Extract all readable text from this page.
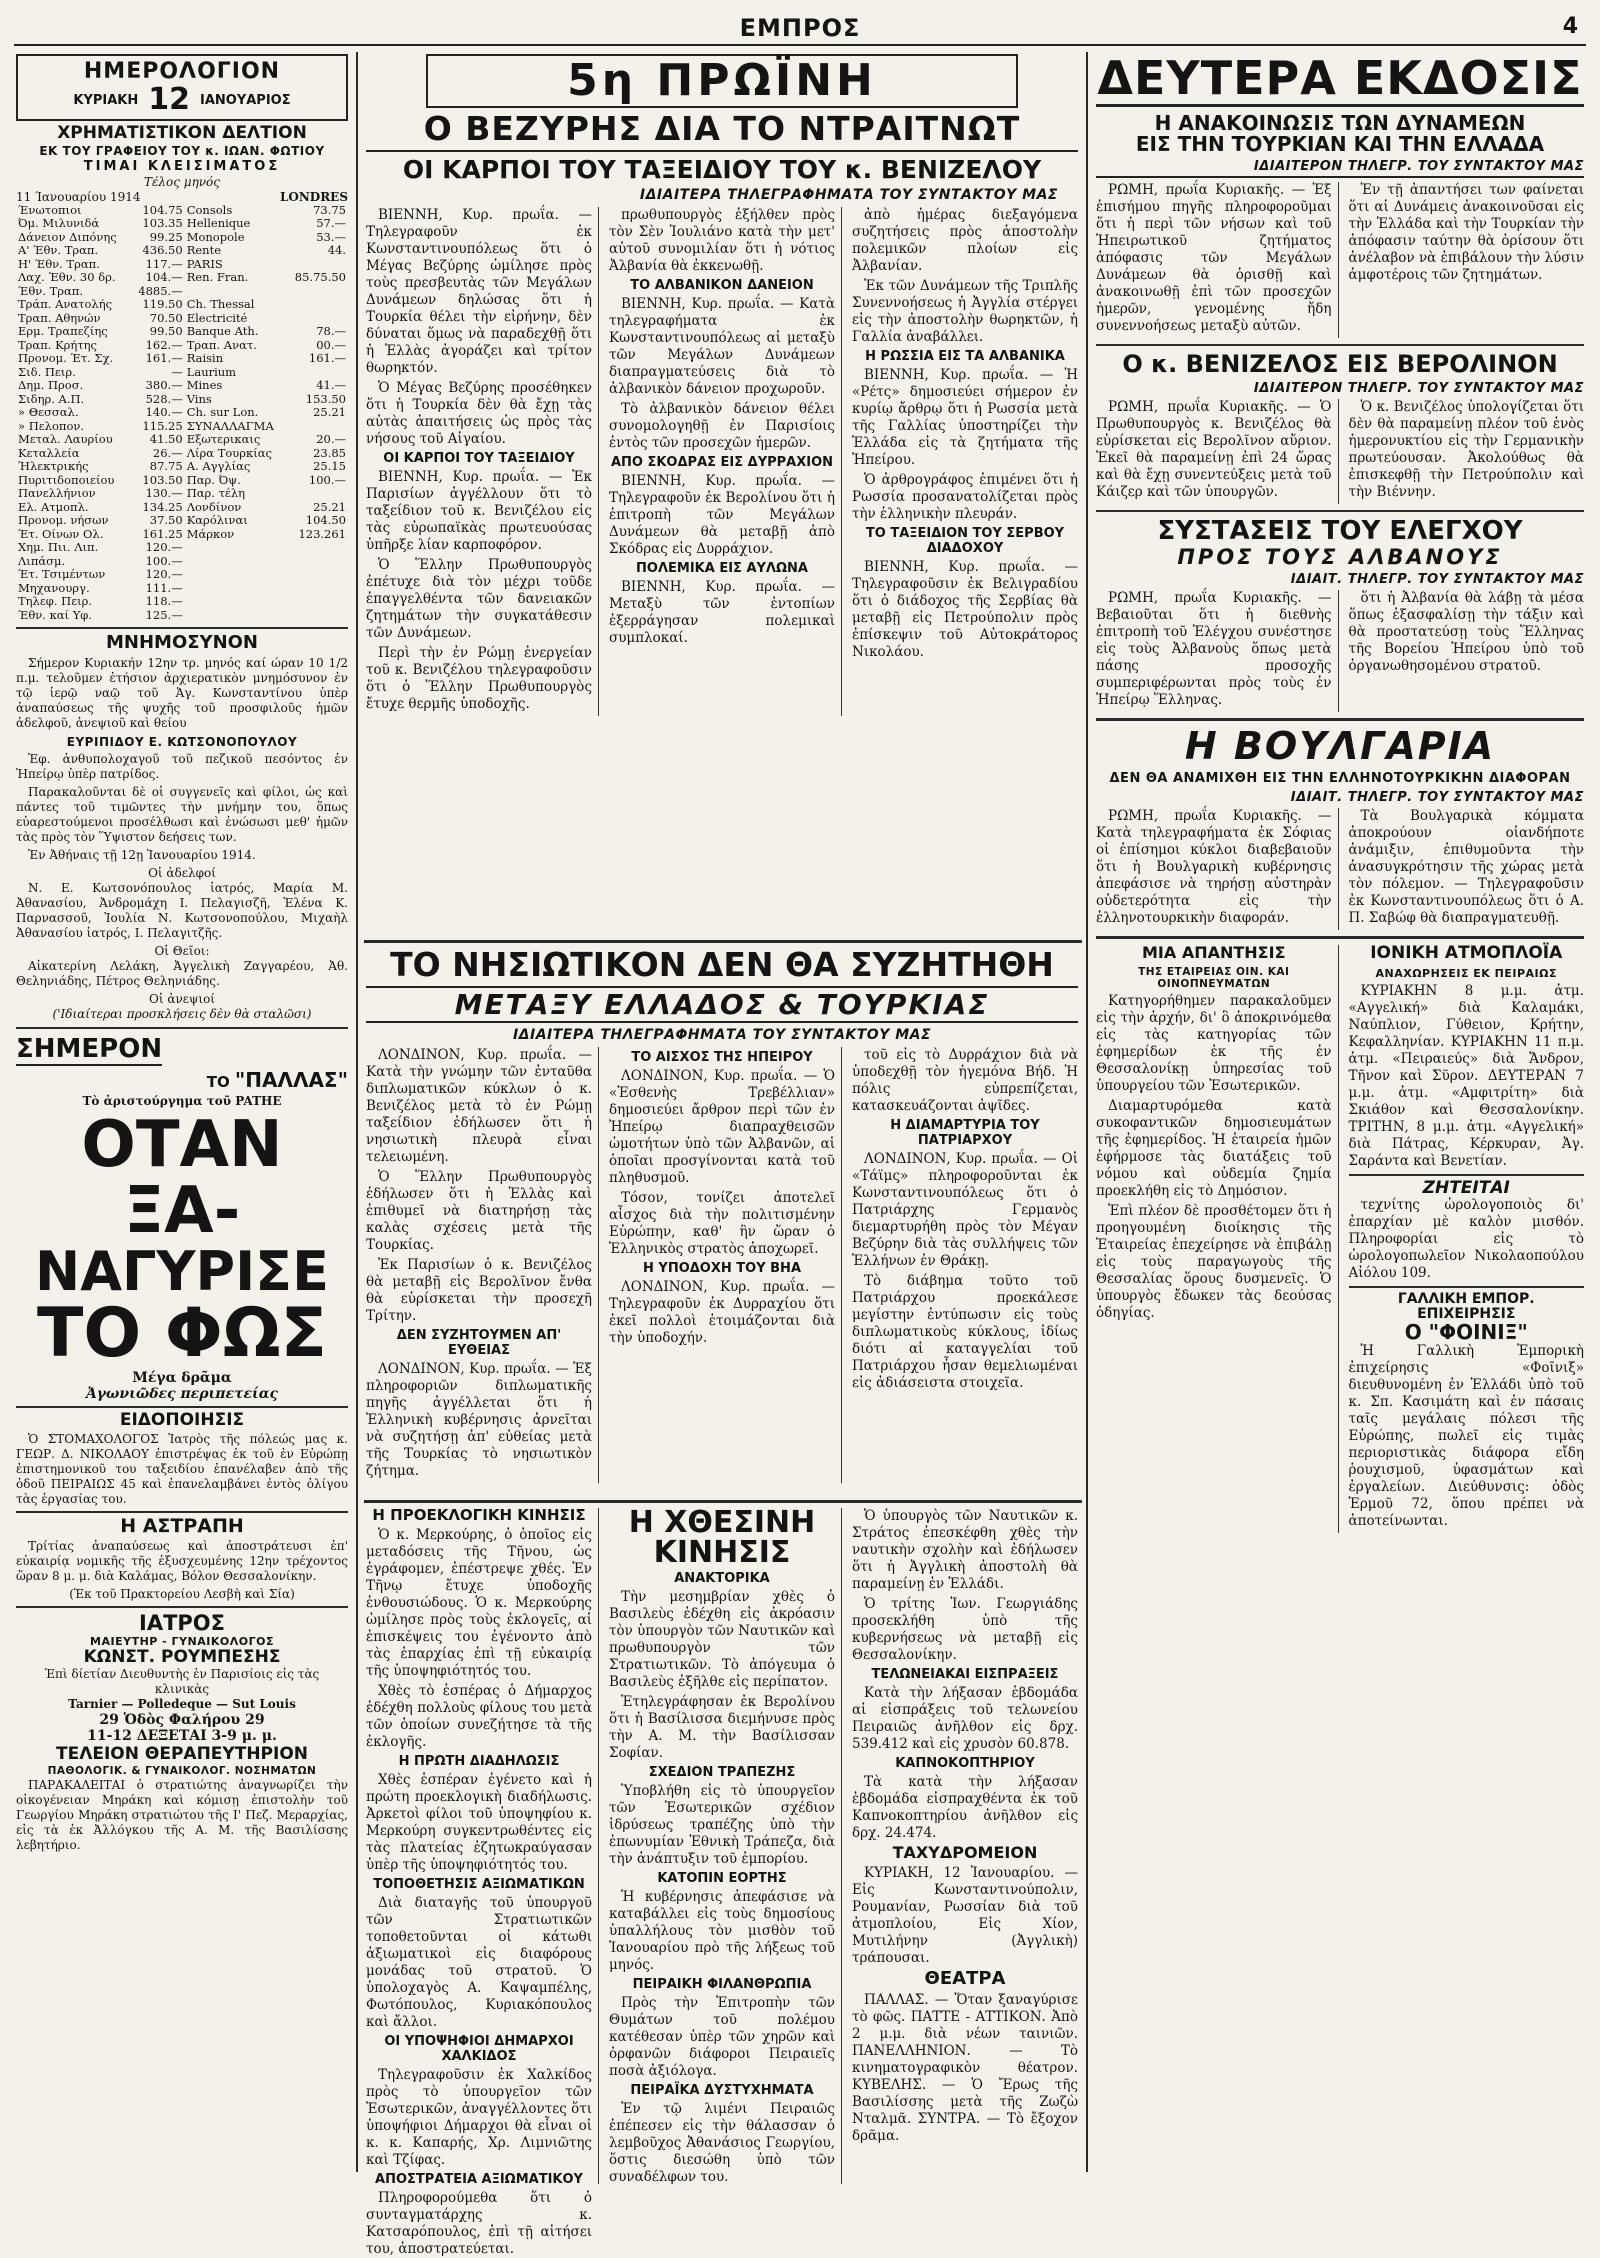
ΕΜΠΡΟΣ	4
ΗΜΕΡΟΛΟΓΙΟΝ
ΚΥΡΙΑΚΗ 12 ΙΑΝΟΥΑΡΙΟΣ
ΧΡΗΜΑΤΙΣΤΙΚΟΝ ΔΕΛΤΙΟΝ
ΕΚ ΤΟΥ ΓΡΑΦΕΙΟΥ ΤΟΥ κ. ΙΩΑΝ. ΦΩΤΙΟΥ
ΤΙΜΑΙ ΚΛΕΙΣΙΜΑΤΟΣ
Τέλος μηνός
11 Ίανουαρίου 1914	LONDRES
Ένωτοπιοι	104.75	Consols	73.75
Όμ. Μιλυνιδά	103.35	Hellenique	57.—
Δάνειον Διπόνης	99.25	Monopole	53.—
Α' Έθν. Τραπ.	436.50	Rente	44.
Η' Έθν. Τραπ.	117.—	PARIS	
Λαχ. Έθν. 30 δρ.	104.—	Ren. Fran.	85.75.50
Έθν. Τραπ.	4885.—		
Τράπ. Ανατολής	119.50	Ch. Thessal	
Τραπ. Αθηνών	70.50	Electricité	
Ερμ. Τραπεζίης	99.50	Banque Ath.	78.—
Τραπ. Κρήτης	162.—	Τραπ. Ανατ.	00.—
Προνομ. Έτ. Σχ.	161.—	Raisin	161.—
Σιδ. Πειρ.	—	Laurium	
Δημ. Προσ.	380.—	Mines	41.—
Σιδηρ. Α.Π.	528.—	Vins	153.50
» Θεσσαλ.	140.—	Ch. sur Lon.	25.21
» Πελοπον.	115.25	ΣΥΝΑΛΛΑΓΜΑ	
Μεταλ. Λαυρίου	41.50	Εξωτερικαις	20.—
Κεταλλεία	26.—	Λίρα Τουρκίας	23.85
Ήλεκτρικής	87.75	Α. Αγγλίας	25.15
Πυριτιδοποιείου	103.50	Παρ. Όψ.	100.—
Πανελλήνιον	130.—	Παρ. τέλη	
Ελ. Ατμοπλ.	134.25	Λονδίνον	25.21
Προνομ. νήσων	37.50	Καρόλιναι	104.50
Έτ. Οίνων Ολ.	161.25	Μάρκον	123.261
Χημ. Πιι. Λιπ.	120.—		
Λιπάσμ.	100.—		
Έτ. Τσιμέντων	120.—		
Μηχανουργ.	111.—		
Τηλεφ. Πειρ.	118.—		
Έθν. καί Υφ.	125.—		
ΜΝΗΜΟΣΥΝΟΝ

Σήμερον Κυριακήν 12ην τρ. μηνός καί ώραν 10 1/2 π.μ. τελοῦμεν ἐτήσιον ἀρχιερατικὸν μνημόσυνον ἐν τῷ ἱερῷ ναῷ τοῦ Ἁγ. Κωνσταντίνου ὑπὲρ ἀναπαύσεως τῆς ψυχῆς τοῦ προσφιλοῦς ἡμῶν ἀδελφοῦ, ἀνεψιοῦ καὶ θείου

ΕΥΡΙΠΙΔΟΥ Ε. ΚΩΤΣΟΝΟΠΟΥΛΟΥ

Ἐφ. ἀνθυπολοχαγοῦ τοῦ πεζικοῦ πεσόντος ἐν Ἠπείρῳ ὑπὲρ πατρίδος.

Παρακαλοῦνται δὲ οἱ συγγενεῖς καὶ φίλοι, ὡς καὶ πάντες τοῦ τιμῶντες τὴν μνήμην του, ὅπως εὐαρεστούμενοι προσέλθωσι καὶ ἑνώσωσι μεθ' ἡμῶν τὰς πρὸς τὸν Ὕψιστον δεήσεις των.

Ἐν Ἀθήναις τῇ 12ῃ Ἰανουαρίου 1914.

Οἱ ἀδελφοί

Ν. Ε. Κωτσονόπουλος ἰατρός, Μαρία Μ. Ἀθανασίου, Ἀνδρομάχη Ι. Πελαγισζῆ, Ἐλένα Κ. Παρνασσοῦ, Ἰουλία Ν. Κωτσονοπούλου, Μιχαὴλ Ἀθανασίου ἰατρός, Ι. Πελαγιτζῆς.

Οἱ Θεῖοι:

Αἰκατερίνη Λελάκη, Ἀγγελικὴ Ζαγγαρέου, Ἀθ. Θεληνιάδης, Πέτρος Θεληνιάδης.

Οἱ ἀνεψιοί
('Ιδιαίτεραι προσκλήσεις δὲν θὰ σταλῶσι)
ΣΗΜΕΡΟΝ
ΤΟ "ΠΑΛΛΑΣ"
Τὸ ἀριστούργημα τοῦ PATHE
ΟΤΑΝ ΞΑ-
ΝΑΓΥΡΙΣΕ
ΤΟ ΦΩΣ
Μέγα δρᾶμα
Ἀγωνιῶδες περιπετείας
ΕΙΔΟΠΟΙΗΣΙΣ

Ὁ ΣΤΟΜΑΧΟΛΟΓΟΣ Ἰατρὸς τῆς πόλεώς μας κ. ΓΕΩΡ. Δ. ΝΙΚΟΛΑΟΥ ἐπιστρέψας ἐκ τοῦ ἐν Εὐρώπῃ ἐπιστημονικοῦ του ταξειδίου ἐπανέλαβεν ἀπὸ τῆς ὁδοῦ ΠΕΙΡΑΙΩΣ 45 καὶ ἐπανελαμβάνει ἐντὸς ὀλίγου τὰς ἐργασίας του.

Η ΑΣΤΡΑΠΗ

Τρίτίας ἀναπαύσεως καὶ ἀποστράτευσι ἐπ' εὐκαιρίᾳ νομικῆς τῆς ἐξυσχευμένης 12ην τρέχοντος ὥραν 8 μ. μ. διὰ Καλάμας, Βόλον Θεσσαλονίκην.

(Ἐκ τοῦ Πρακτορείου Λεσβὴ καὶ Σία)
ΙΑΤΡΟΣ
ΜΑΙΕΥΤΗΡ - ΓΥΝΑΙΚΟΛΟΓΟΣ
ΚΩΝΣΤ. ΡΟΥΜΠΕΣΗΣ
Ἐπὶ δίετίαν Διευθυντὴς ἐν Παρισίοις εἰς τὰς κλινικὰς
Tarnier — Polledeque — Sut Louis
29 Ὁδὸς Φαλήρου 29
11-12 ΔΕΞΕΤΑΙ 3-9 μ. μ.
ΤΕΛΕΙΟΝ ΘΕΡΑΠΕΥΤΗΡΙΟΝ
ΠΑΘΟΛΟΓΙΚ. & ΓΥΝΑΙΚΟΛΟΓ. ΝΟΣΗΜΑΤΩΝ

ΠΑΡΑΚΑΛΕΙΤΑΙ ὁ στρατιώτης ἀναγνωρίζει τὴν οἰκογένειαν Μηράκη καὶ κόμισῃ ἐπιστολὴν τοῦ Γεωργίου Μηράκη στρατιώτου τῆς Ι' Πεζ. Μεραρχίας, εἰς τὰ ἐκ Ἀλλόγκου τῆς Α. Μ. τῆς Βασιλίσσης λεβητήριο.

5η ΠΡΩΪΝΗ
Ο ΒΕΖΥΡΗΣ ΔΙΑ ΤΟ ΝΤΡΑΙΤΝΩΤ
ΟΙ ΚΑΡΠΟΙ ΤΟΥ ΤΑΞΕΙΔΙΟΥ ΤΟΥ κ. ΒΕΝΙΖΕΛΟΥ
ΙΔΙΑΙΤΕΡΑ ΤΗΛΕΓΡΑΦΗΜΑΤΑ ΤΟΥ ΣΥΝΤΑΚΤΟΥ ΜΑΣ

ΒΙΕΝΝΗ, Κυρ. πρωΐα. — Τηλεγραφοῦν ἐκ Κωνσταντινουπόλεως ὅτι ὁ Μέγας Βεζύρης ὡμίλησε πρὸς τοὺς πρεσβευτὰς τῶν Μεγάλων Δυνάμεων δηλώσας ὅτι ἡ Τουρκία θέλει τὴν εἰρήνην, δὲν δύναται ὅμως νὰ παραδεχθῇ ὅτι ἡ Ἑλλὰς ἀγοράζει καὶ τρίτον θωρηκτόν.

Ὁ Μέγας Βεζύρης προσέθηκεν ὅτι ἡ Τουρκία δὲν θὰ ἔχῃ τὰς αὐτὰς ἀπαιτήσεις ὡς πρὸς τὰς νήσους τοῦ Αἰγαίου.

ΟΙ ΚΑΡΠΟΙ ΤΟΥ ΤΑΞΕΙΔΙΟΥ

ΒΙΕΝΝΗ, Κυρ. πρωΐα. — Ἐκ Παρισίων ἀγγέλλουν ὅτι τὸ ταξείδιον τοῦ κ. Βενιζέλου εἰς τὰς εὐρωπαϊκὰς πρωτευούσας ὑπῆρξε λίαν καρποφόρον.

Ὁ Ἕλλην Πρωθυπουργὸς ἐπέτυχε διὰ τὸν μέχρι τοῦδε ἐπαγγελθέντα τῶν δανειακῶν ζητημάτων τὴν συγκατάθεσιν τῶν Δυνάμεων.

Περὶ τὴν ἐν Ρώμῃ ἐνεργείαν τοῦ κ. Βενιζέλου τηλεγραφοῦσιν ὅτι ὁ Ἕλλην Πρωθυπουργὸς ἔτυχε θερμῆς ὑποδοχῆς.

πρωθυπουργὸς ἐξήλθεν πρὸς τὸν Σὲν Ἰουλιάνο κατὰ τὴν μετ' αὐτοῦ συνομιλίαν ὅτι ἡ νότιος Ἀλβανία θὰ ἐκκενωθῇ.

ΤΟ ΑΛΒΑΝΙΚΟΝ ΔΑΝΕΙΟΝ

ΒΙΕΝΝΗ, Κυρ. πρωΐα. — Κατὰ τηλεγραφήματα ἐκ Κωνσταντινουπόλεως αἱ μεταξὺ τῶν Μεγάλων Δυνάμεων διαπραγματεύσεις διὰ τὸ ἀλβανικὸν δάνειον προχωροῦν.

Τὸ ἀλβανικὸν δάνειον θέλει συνομολογηθῇ ἐν Παρισίοις ἐντὸς τῶν προσεχῶν ἡμερῶν.

ΑΠΟ ΣΚΟΔΡΑΣ ΕΙΣ ΔΥΡΡΑΧΙΟΝ

ΒΙΕΝΝΗ, Κυρ. πρωΐα. — Τηλεγραφοῦν ἐκ Βερολίνου ὅτι ἡ ἐπιτροπὴ τῶν Μεγάλων Δυνάμεων θὰ μεταβῇ ἀπὸ Σκόδρας εἰς Δυρράχιον.

ΠΟΛΕΜΙΚΑ ΕΙΣ ΑΥΛΩΝΑ

ΒΙΕΝΝΗ, Κυρ. πρωΐα. — Μεταξὺ τῶν ἐντοπίων ἐξερράγησαν πολεμικαὶ συμπλοκαί.

ἀπὸ ἡμέρας διεξαγόμενα συζητήσεις πρὸς ἀποστολὴν πολεμικῶν πλοίων εἰς Ἀλβανίαν.

Ἐκ τῶν Δυνάμεων τῆς Τριπλῆς Συνεννοήσεως ἡ Ἀγγλία στέργει εἰς τὴν ἀποστολὴν θωρηκτῶν, ἡ Γαλλία ἀναβάλλει.

Η ΡΩΣΣΙΑ ΕΙΣ ΤΑ ΑΛΒΑΝΙΚΑ

ΒΙΕΝΝΗ, Κυρ. πρωΐα. — Ἡ «Ρέτς» δημοσιεύει σήμερον ἐν κυρίῳ ἄρθρῳ ὅτι ἡ Ρωσσία μετὰ τῆς Γαλλίας ὑποστηρίζει τὴν Ἑλλάδα εἰς τὰ ζητήματα τῆς Ἠπείρου.

Ὁ ἀρθρογράφος ἐπιμένει ὅτι ἡ Ρωσσία προσανατολίζεται πρὸς τὴν ἑλληνικὴν πλευράν.

ΤΟ ΤΑΞΕΙΔΙΟΝ ΤΟΥ ΣΕΡΒΟΥ ΔΙΑΔΟΧΟΥ

ΒΙΕΝΝΗ, Κυρ. πρωΐα. — Τηλεγραφοῦσιν ἐκ Βελιγραδίου ὅτι ὁ διάδοχος τῆς Σερβίας θὰ μεταβῇ εἰς Πετρούπολιν πρὸς ἐπίσκεψιν τοῦ Αὐτοκράτορος Νικολάου.

ΤΟ ΝΗΣΙΩΤΙΚΟΝ ΔΕΝ ΘΑ ΣΥΖΗΤΗΘΗ
ΜΕΤΑΞΥ ΕΛΛΑΔΟΣ & ΤΟΥΡΚΙΑΣ
ΙΔΙΑΙΤΕΡΑ ΤΗΛΕΓΡΑΦΗΜΑΤΑ ΤΟΥ ΣΥΝΤΑΚΤΟΥ ΜΑΣ

ΛΟΝΔΙΝΟΝ, Κυρ. πρωΐα. — Κατὰ τὴν γνώμην τῶν ἐνταῦθα διπλωματικῶν κύκλων ὁ κ. Βενιζέλος μετὰ τὸ ἐν Ρώμῃ ταξείδιον ἐδήλωσεν ὅτι ἡ νησιωτικὴ πλευρὰ εἶναι τελειωμένη.

Ὁ Ἕλλην Πρωθυπουργὸς ἐδήλωσεν ὅτι ἡ Ἑλλὰς καὶ ἐπιθυμεῖ νὰ διατηρήσῃ τὰς καλὰς σχέσεις μετὰ τῆς Τουρκίας.

Ἐκ Παρισίων ὁ κ. Βενιζέλος θὰ μεταβῇ εἰς Βερολῖνον ἔνθα θὰ εὑρίσκεται τὴν προσεχῆ Τρίτην.

ΔΕΝ ΣΥΖΗΤΟΥΜΕΝ ΑΠ' ΕΥΘΕΙΑΣ

ΛΟΝΔΙΝΟΝ, Κυρ. πρωΐα. — Ἐξ πληροφοριῶν διπλωματικῆς πηγῆς ἀγγέλλεται ὅτι ἡ Ἑλληνικὴ κυβέρνησις ἀρνεῖται νὰ συζητήσῃ ἀπ' εὐθείας μετὰ τῆς Τουρκίας τὸ νησιωτικὸν ζήτημα.

ΤΟ ΑΙΣΧΟΣ ΤΗΣ ΗΠΕΙΡΟΥ

ΛΟΝΔΙΝΟΝ, Κυρ. πρωΐα. — Ὁ «Ἐσθενὴς Τρεβέλλιαν» δημοσιεύει ἄρθρον περὶ τῶν ἐν Ἠπείρῳ διαπραχθεισῶν ὠμοτήτων ὑπὸ τῶν Ἀλβανῶν, αἱ ὁποῖαι προσγίνονται κατὰ τοῦ πληθυσμοῦ.

Τόσον, τονίζει ἀποτελεῖ αἶσχος διὰ τὴν πολιτισμένην Εὐρώπην, καθ' ἣν ὥραν ὁ Ἑλληνικὸς στρατὸς ἀποχωρεῖ.

Η ΥΠΟΔΟΧΗ ΤΟΥ ΒΗΑ

ΛΟΝΔΙΝΟΝ, Κυρ. πρωΐα. — Τηλεγραφοῦν ἐκ Δυρραχίου ὅτι ἐκεῖ πολλοὶ ἑτοιμάζονται διὰ τὴν ὑποδοχήν.

τοῦ εἰς τὸ Δυρράχιον διὰ νὰ ὑποδεχθῇ τὸν ἡγεμόνα Βήδ. Ἡ πόλις εὐπρεπίζεται, κατασκευάζονται ἁψῖδες.

Η ΔΙΑΜΑΡΤΥΡΙΑ ΤΟΥ ΠΑΤΡΙΑΡΧΟΥ

ΛΟΝΔΙΝΟΝ, Κυρ. πρωΐα. — Οἱ «Τάϊμς» πληροφοροῦνται ἐκ Κωνσταντινουπόλεως ὅτι ὁ Πατριάρχης Γερμανὸς διεμαρτυρήθη πρὸς τὸν Μέγαν Βεζύρην διὰ τὰς συλλήψεις τῶν Ἑλλήνων ἐν Θράκῃ.

Τὸ διάβημα τοῦτο τοῦ Πατριάρχου προεκάλεσε μεγίστην ἐντύπωσιν εἰς τοὺς διπλωματικοὺς κύκλους, ἰδίως διότι αἱ καταγγελίαι τοῦ Πατριάρχου ἦσαν θεμελιωμέναι εἰς ἀδιάσειστα στοιχεῖα.

Η ΠΡΟΕΚΛΟΓΙΚΗ ΚΙΝΗΣΙΣ

Ὁ κ. Μερκούρης, ὁ ὁποῖος εἰς μεταδόσεις τῆς Τῆνου, ὡς ἐγράφομεν, ἐπέστρεψε χθές. Ἐν Τῆνῳ ἔτυχε ὑποδοχῆς ἐνθουσιώδους. Ὁ κ. Μερκούρης ὡμίλησε πρὸς τοὺς ἐκλογεῖς, αἱ ἐπισκέψεις του ἐγένοντο ἀπὸ τὰς ἐπαρχίας ἐπὶ τῇ εὐκαιρίᾳ τῆς ὑποψηφιότητός του.

Χθὲς τὸ ἑσπέρας ὁ Δήμαρχος ἐδέχθη πολλοὺς φίλους του μετὰ τῶν ὁποίων συνεζήτησε τὰ τῆς ἐκλογῆς.

Η ΠΡΩΤΗ ΔΙΑΔΗΛΩΣΙΣ

Χθὲς ἑσπέραν ἐγένετο καὶ ἡ πρώτη προεκλογικὴ διαδήλωσις. Ἀρκετοὶ φίλοι τοῦ ὑποψηφίου κ. Μερκούρη συγκεντρωθέντες εἰς τὰς πλατείας ἐζητωκραύγασαν ὑπὲρ τῆς ὑποψηφιότητός του.

ΤΟΠΟΘΕΤΗΣΙΣ ΑΞΙΩΜΑΤΙΚΩΝ

Διὰ διαταγῆς τοῦ ὑπουργοῦ τῶν Στρατιωτικῶν τοποθετοῦνται οἱ κάτωθι ἀξιωματικοὶ εἰς διαφόρους μονάδας τοῦ στρατοῦ. Ὁ ὑπολοχαγὸς Α. Καψαμπέλης, Φωτόπουλος, Κυριακόπουλος καὶ ἄλλοι.

ΟΙ ΥΠΟΨΗΦΙΟΙ ΔΗΜΑΡΧΟΙ ΧΑΛΚΙΔΟΣ

Τηλεγραφοῦσιν ἐκ Χαλκίδος πρὸς τὸ ὑπουργεῖον τῶν Ἐσωτερικῶν, ἀναγγέλλοντες ὅτι ὑποψήφιοι Δήμαρχοι θὰ εἶναι οἱ κ. κ. Καπαρής, Χρ. Λιμνιῶτης καὶ Τζίφας.

ΑΠΟΣΤΡΑΤΕΙΑ ΑΞΙΩΜΑΤΙΚΟΥ

Πληροφορούμεθα ὅτι ὁ συνταγματάρχης κ. Κατσαρόπουλος, ἐπὶ τῇ αἰτήσει του, ἀποστρατεύεται.

Η ΧΘΕΣΙΝΗ ΚΙΝΗΣΙΣ
ΑΝΑΚΤΟΡΙΚΑ

Τὴν μεσημβρίαν χθὲς ὁ Βασιλεὺς ἐδέχθη εἰς ἀκρόασιν τὸν ὑπουργὸν τῶν Ναυτικῶν καὶ πρωθυπουργὸν τῶν Στρατιωτικῶν. Τὸ ἀπόγευμα ὁ Βασιλεὺς ἐξῆλθε εἰς περίπατον.

Ἐτηλεγράφησαν ἐκ Βερολίνου ὅτι ἡ Βασίλισσα διεμήνυσε πρὸς τὴν Α. Μ. τὴν Βασίλισσαν Σοφίαν.

ΣΧΕΔΙΟΝ ΤΡΑΠΕΖΗΣ

Ὑποβλήθη εἰς τὸ ὑπουργεῖον τῶν Ἐσωτερικῶν σχέδιον ἱδρύσεως τραπέζης ὑπὸ τὴν ἐπωνυμίαν Ἐθνικὴ Τράπεζα, διὰ τὴν ἀνάπτυξιν τοῦ ἐμπορίου.

ΚΑΤΟΠΙΝ ΕΟΡΤΗΣ

Ἡ κυβέρνησις ἀπεφάσισε νὰ καταβάλλει εἰς τοὺς δημοσίους ὑπαλλήλους τὸν μισθὸν τοῦ Ἰανουαρίου πρὸ τῆς λήξεως τοῦ μηνός.

ΠΕΙΡΑΙΚΗ ΦΙΛΑΝΘΡΩΠΙΑ

Πρὸς τὴν Ἐπιτροπὴν τῶν Θυμάτων τοῦ πολέμου κατέθεσαν ὑπὲρ τῶν χηρῶν καὶ ὀρφανῶν διάφοροι Πειραιεῖς ποσὰ ἀξιόλογα.

ΠΕΙΡΑΪΚΑ ΔΥΣΤΥΧΗΜΑΤΑ

Ἐν τῷ λιμένι Πειραιῶς ἐπέπεσεν εἰς τὴν θάλασσαν ὁ λεμβοῦχος Ἀθανάσιος Γεωργίου, ὅστις διεσώθη ὑπὸ τῶν συναδέλφων του.

Ὁ ὑπουργὸς τῶν Ναυτικῶν κ. Στράτος ἐπεσκέφθη χθὲς τὴν ναυτικὴν σχολὴν καὶ ἐδήλωσεν ὅτι ἡ Ἀγγλικὴ ἀποστολὴ θὰ παραμείνῃ ἐν Ἑλλάδι.

Ὁ τρίτης Ἰων. Γεωργιάδης προσεκλήθη ὑπὸ τῆς κυβερνήσεως νὰ μεταβῇ εἰς Θεσσαλονίκην.

ΤΕΛΩΝΕΙΑΚΑΙ ΕΙΣΠΡΑΞΕΙΣ

Κατὰ τὴν λήξασαν ἑβδομάδα αἱ εἰσπράξεις τοῦ τελωνείου Πειραιῶς ἀνῆλθον εἰς δρχ. 539.412 καὶ εἰς χρυσὸν 60.878.

ΚΑΠΝΟΚΟΠΤΗΡΙΟΥ

Τὰ κατὰ τὴν λήξασαν ἑβδομάδα εἰσπραχθέντα ἐκ τοῦ Καπνοκοπτηρίου ἀνῆλθον εἰς δρχ. 24.474.

ΤΑΧΥΔΡΟΜΕΙΟΝ

ΚΥΡΙΑΚΗ, 12 Ἰανουαρίου. — Εἰς Κωνσταντινούπολιν, Ρουμανίαν, Ρωσσίαν διὰ τοῦ ἀτμοπλοίου, Εἰς Χίον, Μυτιλήνην (Ἀγγλικὴ) τράπουσαι.

ΘΕΑΤΡΑ

ΠΑΛΛΑΣ. — Ὅταν ξαναγύρισε τὸ φῶς. ΠΑΤΤΕ - ΑΤΤΙΚΟΝ. Ἀπὸ 2 μ.μ. διὰ νέων ταινιῶν. ΠΑΝΕΛΛΗΝΙΟΝ. — Τὸ κινηματογραφικὸν θέατρον. ΚΥΒΕΛΗΣ. — Ὁ Ἔρως τῆς Βασιλίσσης μετὰ τῆς Ζωζὼ Νταλμᾶ. ΣΥΝΤΡΑ. — Τὸ ἔξοχον δρᾶμα.

ΔΕΥΤΕΡΑ ΕΚΔΟΣΙΣ
Η ΑΝΑΚΟΙΝΩΣΙΣ ΤΩΝ ΔΥΝΑΜΕΩΝ
ΕΙΣ ΤΗΝ ΤΟΥΡΚΙΑΝ ΚΑΙ ΤΗΝ ΕΛΛΑΔΑ
ΙΔΙΑΙΤΕΡΟΝ ΤΗΛΕΓΡ. ΤΟΥ ΣΥΝΤΑΚΤΟΥ ΜΑΣ

ΡΩΜΗ, πρωΐα Κυριακῆς. — Ἐξ ἐπισήμου πηγῆς πληροφοροῦμαι ὅτι ἡ περὶ τῶν νήσων καὶ τοῦ Ἠπειρωτικοῦ ζητήματος ἀπόφασις τῶν Μεγάλων Δυνάμεων θὰ ὁρισθῇ καὶ ἀνακοινωθῇ ἐπὶ τῶν προσεχῶν ἡμερῶν, γενομένης ἤδη συνεννοήσεως μεταξὺ αὐτῶν.

Ἐν τῇ ἀπαντήσει των φαίνεται ὅτι αἱ Δυνάμεις ἀνακοινοῦσαι εἰς τὴν Ἑλλάδα καὶ τὴν Τουρκίαν τὴν ἀπόφασιν ταύτην θὰ ὁρίσουν ὅτι ἀνέλαβον νὰ ἐπιβάλουν τὴν λύσιν ἀμφοτέροις τῶν ζητημάτων.

Ο κ. ΒΕΝΙΖΕΛΟΣ ΕΙΣ ΒΕΡΟΛΙΝΟΝ
ΙΔΙΑΙΤΕΡΟΝ ΤΗΛΕΓΡ. ΤΟΥ ΣΥΝΤΑΚΤΟΥ ΜΑΣ

ΡΩΜΗ, πρωΐα Κυριακῆς. — Ὁ Πρωθυπουργὸς κ. Βενιζέλος θὰ εὑρίσκεται εἰς Βερολῖνον αὔριον. Ἐκεῖ θὰ παραμείνῃ ἐπὶ 24 ὥρας καὶ θὰ ἔχῃ συνεντεύξεις μετὰ τοῦ Κάιζερ καὶ τῶν ὑπουργῶν.

Ὁ κ. Βενιζέλος ὑπολογίζεται ὅτι δὲν θὰ παραμείνῃ πλέον τοῦ ἑνὸς ἡμερονυκτίου εἰς τὴν Γερμανικὴν πρωτεύουσαν. Ἀκολούθως θὰ ἐπισκεφθῇ τὴν Πετρούπολιν καὶ τὴν Βιέννην.

ΣΥΣΤΑΣΕΙΣ ΤΟΥ ΕΛΕΓΧΟΥ
ΠΡΟΣ ΤΟΥΣ ΑΛΒΑΝΟΥΣ
ΙΔΙΑΙΤ. ΤΗΛΕΓΡ. ΤΟΥ ΣΥΝΤΑΚΤΟΥ ΜΑΣ

ΡΩΜΗ, πρωΐα Κυριακῆς. — Βεβαιοῦται ὅτι ἡ διεθνὴς ἐπιτροπὴ τοῦ Ἐλέγχου συνέστησε εἰς τοὺς Ἀλβανοὺς ὅπως μετὰ πάσης προσοχῆς συμπεριφέρωνται πρὸς τοὺς ἐν Ἠπείρῳ Ἕλληνας.

ὅτι ἡ Ἀλβανία θὰ λάβῃ τὰ μέσα ὅπως ἐξασφαλίσῃ τὴν τάξιν καὶ θὰ προστατεύσῃ τοὺς Ἕλληνας τῆς Βορείου Ἠπείρου ὑπὸ τοῦ ὀργανωθησομένου στρατοῦ.

Η ΒΟΥΛΓΑΡΙΑ
ΔΕΝ ΘΑ ΑΝΑΜΙΧΘΗ ΕΙΣ ΤΗΝ ΕΛΛΗΝΟΤΟΥΡΚΙΚΗΝ ΔΙΑΦΟΡΑΝ
ΙΔΙΑΙΤ. ΤΗΛΕΓΡ. ΤΟΥ ΣΥΝΤΑΚΤΟΥ ΜΑΣ

ΡΩΜΗ, πρωΐα Κυριακῆς. — Κατὰ τηλεγραφήματα ἐκ Σόφιας οἱ ἐπίσημοι κύκλοι διαβεβαιοῦν ὅτι ἡ Βουλγαρικὴ κυβέρνησις ἀπεφάσισε νὰ τηρήσῃ αὐστηρὰν οὐδετερότητα εἰς τὴν ἑλληνοτουρκικὴν διαφοράν.

Τὰ Βουλγαρικὰ κόμματα ἀποκρούουν οἱανδήποτε ἀνάμιξιν, ἐπιθυμοῦντα τὴν ἀνασυγκρότησιν τῆς χώρας μετὰ τὸν πόλεμον. — Τηλεγραφοῦσιν ἐκ Κωνσταντινουπόλεως ὅτι ὁ Α. Π. Σαβώφ θὰ διαπραγματευθῇ.

ΜΙΑ ΑΠΑΝΤΗΣΙΣ
ΤΗΣ ΕΤΑΙΡΕΙΑΣ ΟΙΝ. ΚΑΙ ΟΙΝΟΠΝΕΥΜΑΤΩΝ

Κατηγορήθημεν παρακαλοῦμεν εἰς τὴν ἀρχήν, δι' ὃ ἀποκρινόμεθα εἰς τὰς κατηγορίας τῶν ἐφημερίδων ἐκ τῆς ἐν Θεσσαλονίκῃ ὑπηρεσίας τοῦ ὑπουργείου τῶν Ἐσωτερικῶν.

Διαμαρτυρόμεθα κατὰ συκοφαντικῶν δημοσιευμάτων τῆς ἐφημερίδος. Ἡ ἑταιρεία ἡμῶν ἐφήρμοσε τὰς διατάξεις τοῦ νόμου καὶ οὐδεμία ζημία προεκλήθη εἰς τὸ Δημόσιον.

Ἐπὶ πλέον δὲ προσθέτομεν ὅτι ἡ προηγουμένη διοίκησις τῆς Ἑταιρείας ἐπεχείρησε νὰ ἐπιβάλῃ εἰς τοὺς παραγωγοὺς τῆς Θεσσαλίας ὅρους δυσμενεῖς. Ὁ ὑπουργὸς ἔδωκεν τὰς δεούσας ὁδηγίας.

ΙΟΝΙΚΗ ΑΤΜΟΠΛΟΪΑ
ΑΝΑΧΩΡΗΣΕΙΣ ΕΚ ΠΕΙΡΑΙΩΣ

ΚΥΡΙΑΚΗΝ 8 μ.μ. ἀτμ. «Αγγελική» διὰ Καλαμάκι, Ναύπλιον, Γύθειον, Κρήτην, Κεφαλληνίαν. ΚΥΡΙΑΚΗΝ 11 π.μ. ἀτμ. «Πειραιεύς» διὰ Ἄνδρον, Τῆνον καὶ Σῦρον. ΔΕΥΤΕΡΑΝ 7 μ.μ. ἀτμ. «Αμφιτρίτη» διὰ Σκιάθον καὶ Θεσσαλονίκην. ΤΡΙΤΗΝ, 8 μ.μ. ἀτμ. «Αγγελική» διὰ Πάτρας, Κέρκυραν, Ἀγ. Σαράντα καὶ Βενετίαν.

ΖΗΤΕΙΤΑΙ

τεχνίτης ὡρολογοποιὸς δι' ἐπαρχίαν μὲ καλὸν μισθόν. Πληροφορίαι εἰς τὸ ὡρολογοπωλεῖον Νικολαοπούλου Αἰόλου 109.

ΓΑΛΛΙΚΗ ΕΜΠΟΡ. ΕΠΙΧΕΙΡΗΣΙΣ
Ο "ΦΟΙΝΙΞ"

Ἡ Γαλλικὴ Ἐμπορικὴ ἐπιχείρησις «Φοῖνιξ» διευθυνομένη ἐν Ἑλλάδι ὑπὸ τοῦ κ. Σπ. Κασιμάτη καὶ ἐν πάσαις ταῖς μεγάλαις πόλεσι τῆς Εὐρώπης, πωλεῖ εἰς τιμὰς περιοριστικὰς διάφορα εἴδη ῥουχισμοῦ, ὑφασμάτων καὶ ἐργαλείων. Διεύθυνσις: ὁδὸς Ἑρμοῦ 72, ὅπου πρέπει νὰ ἀποτείνωνται.
